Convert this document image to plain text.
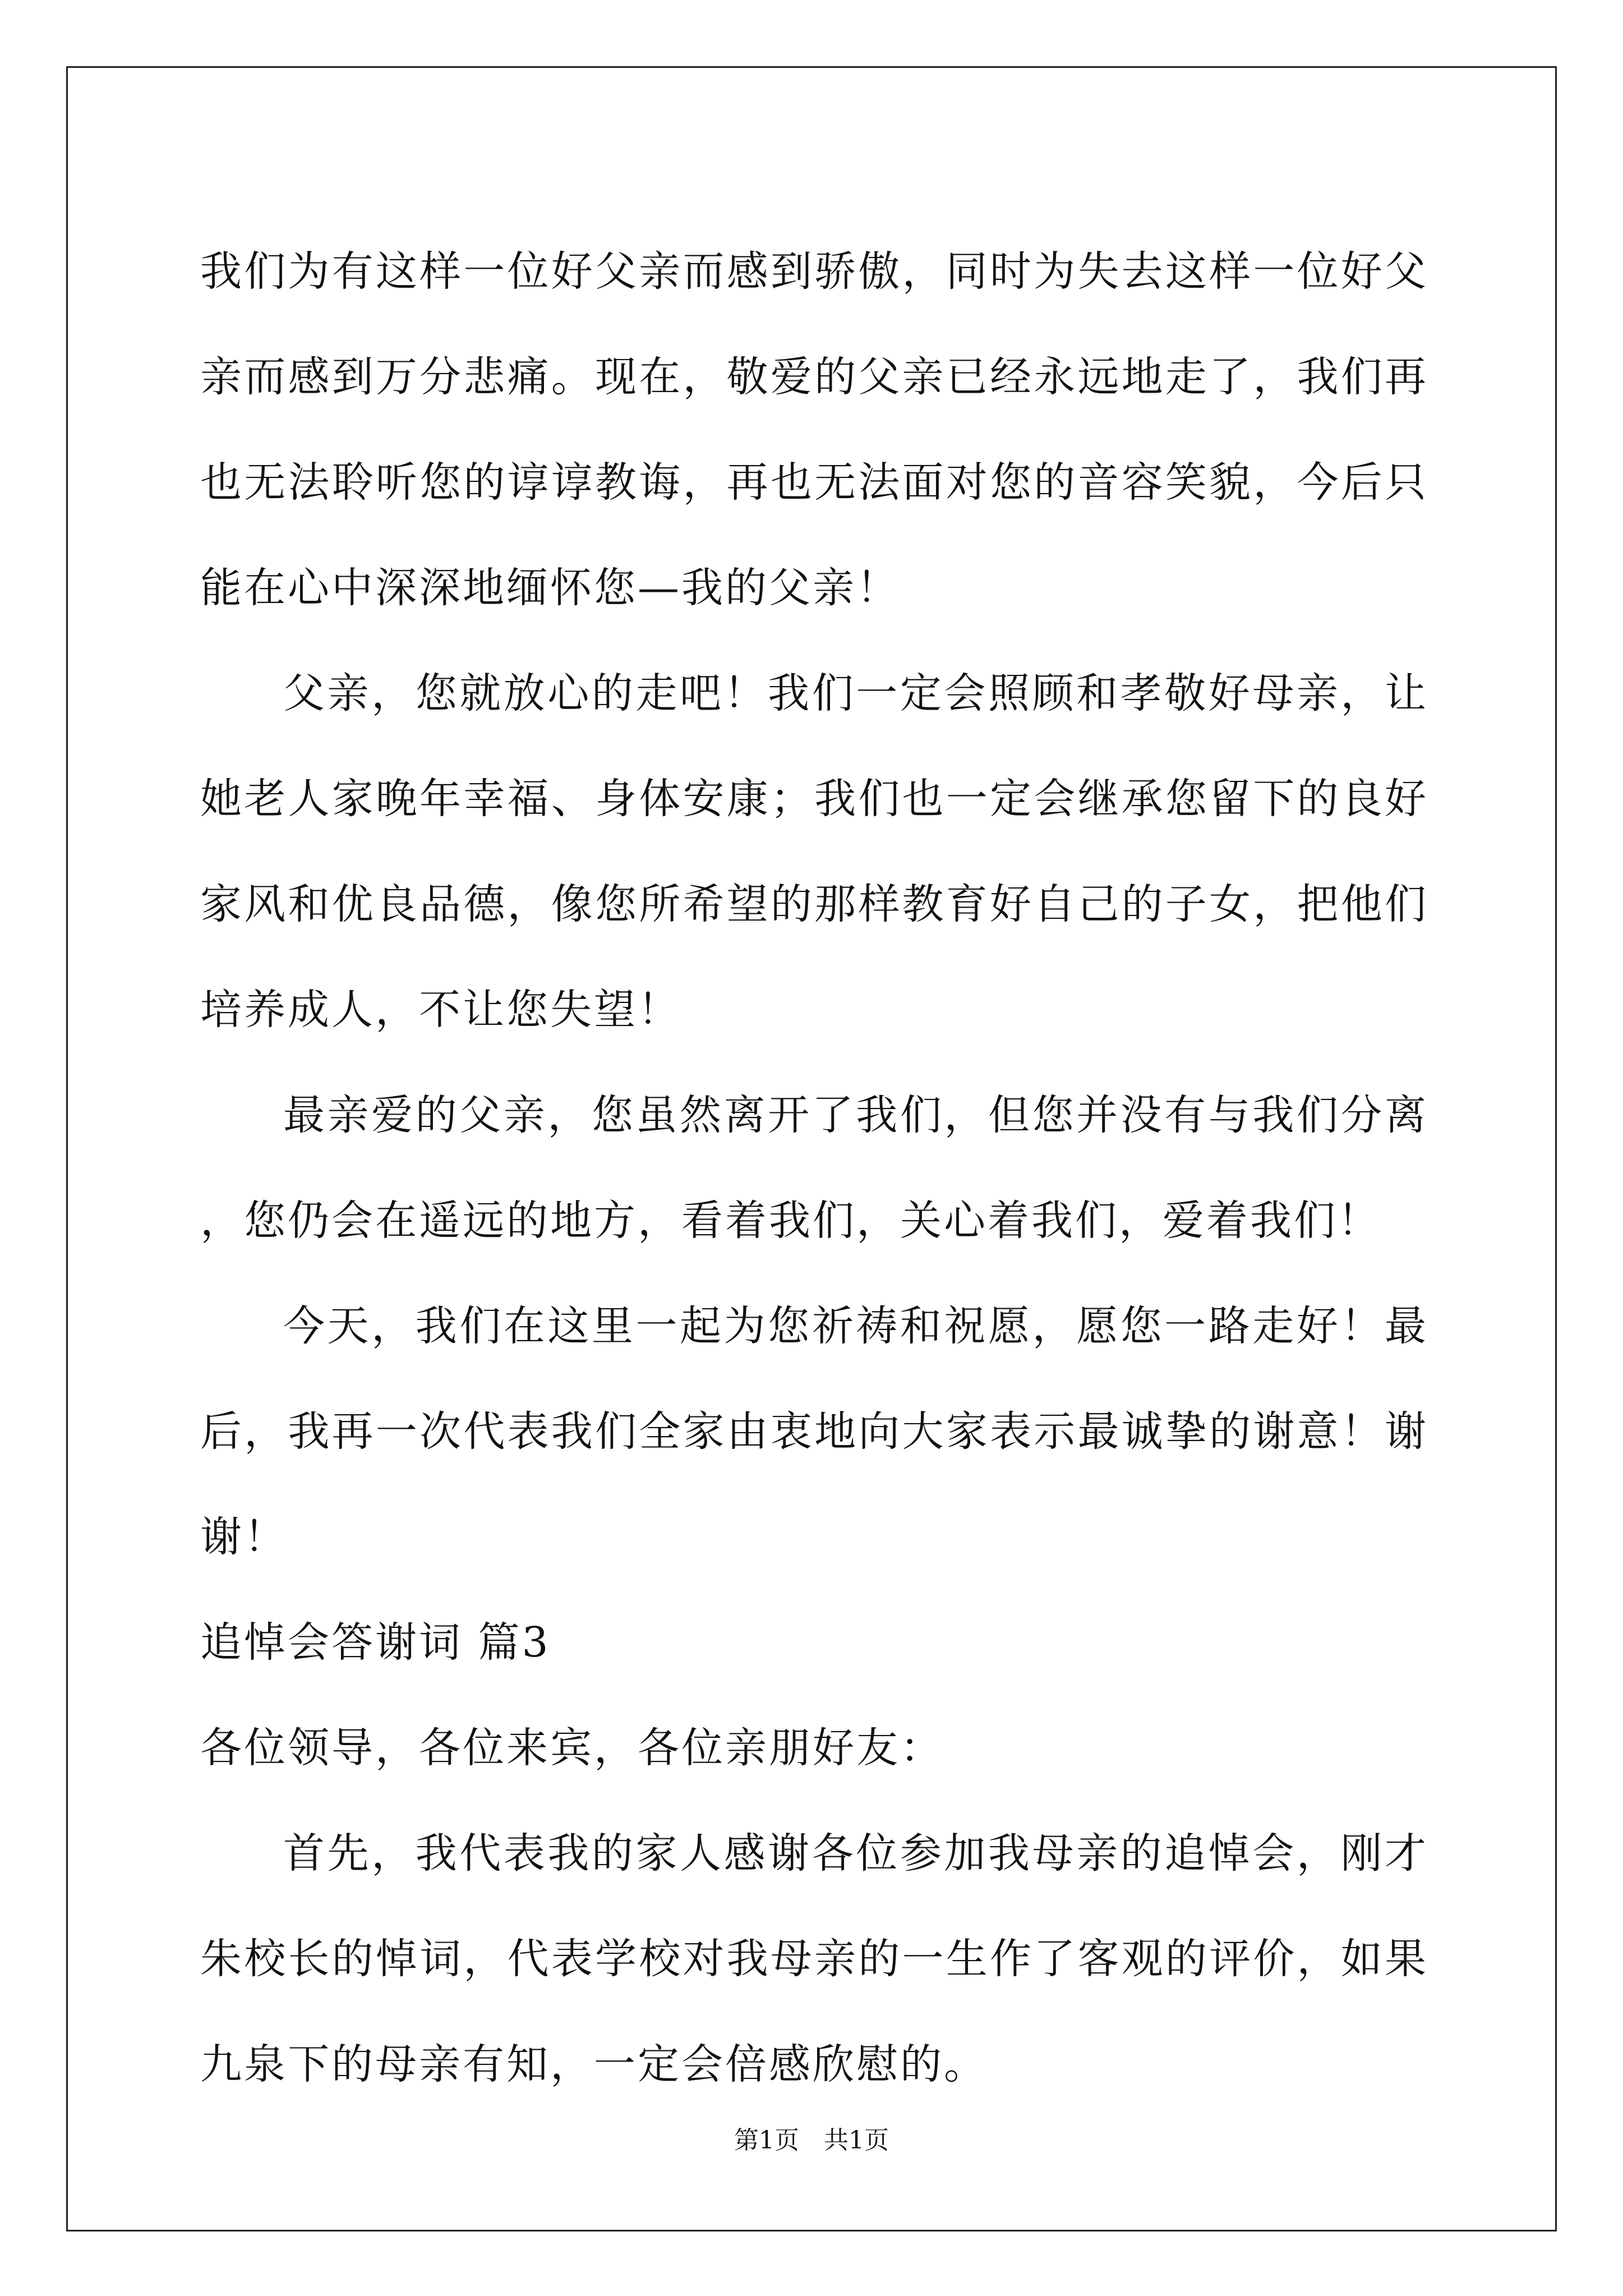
我们为有这样一位好父亲而感到骄傲，同时为失去这样一位好父亲而感到万分悲痛。现在，敬爱的父亲已经永远地走了，我们再也无法聆听您的谆谆教诲，再也无法面对您的音容笑貌，今后只能在心中深深地缅怀您—我的父亲！

父亲，您就放心的走吧！我们一定会照顾和孝敬好母亲，让她老人家晚年幸福、身体安康；我们也一定会继承您留下的良好家风和优良品德，像您所希望的那样教育好自己的子女，把他们培养成人，不让您失望！

最亲爱的父亲，您虽然离开了我们，但您并没有与我们分离，您仍会在遥远的地方，看着我们，关心着我们，爱着我们！

今天，我们在这里一起为您祈祷和祝愿，愿您一路走好！最后，我再一次代表我们全家由衷地向大家表示最诚挚的谢意！谢谢！

追悼会答谢词 篇3

各位领导，各位来宾，各位亲朋好友：

首先，我代表我的家人感谢各位参加我母亲的追悼会，刚才朱校长的悼词，代表学校对我母亲的一生作了客观的评价，如果九泉下的母亲有知，一定会倍感欣慰的。

第1页　共1页
